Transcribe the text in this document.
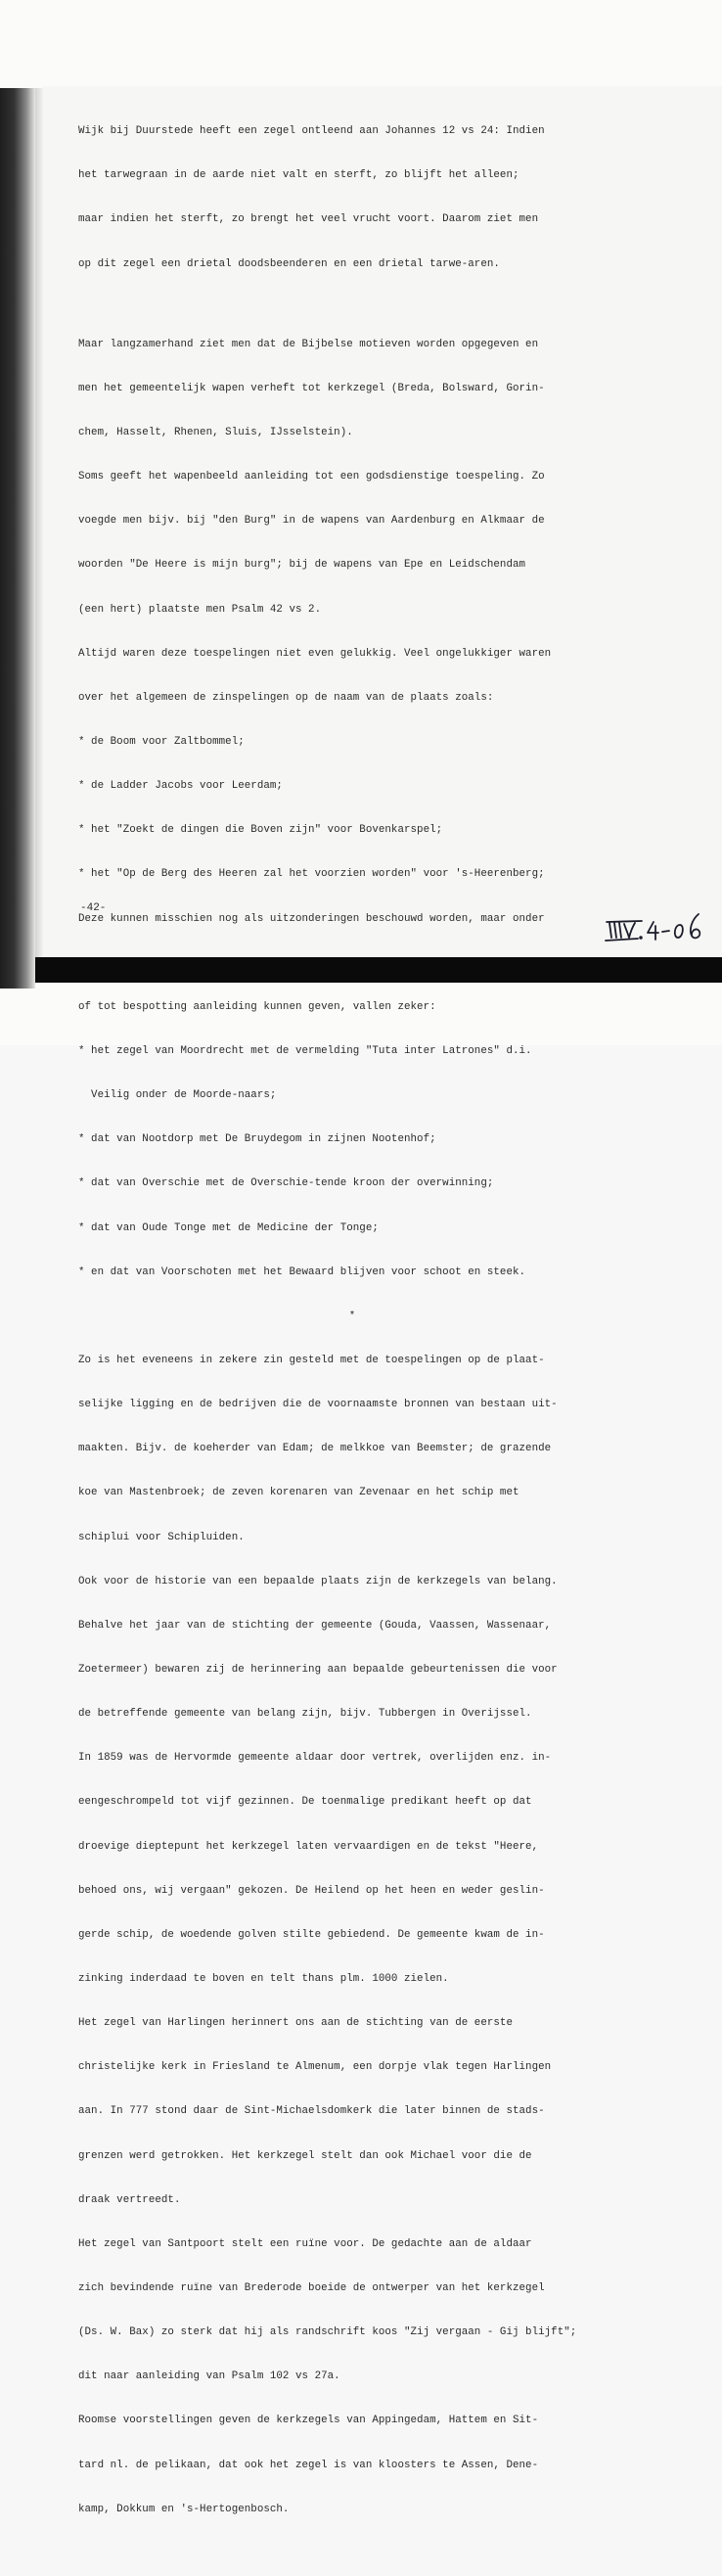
Wijk bij Duurstede heeft een zegel ontleend aan Johannes 12 vs 24: Indien

het tarwegraan in de aarde niet valt en sterft, zo blijft het alleen;

maar indien het sterft, zo brengt het veel vrucht voort. Daarom ziet men

op dit zegel een drietal doodsbeenderen en een drietal tarwe-aren.

Maar langzamerhand ziet men dat de Bijbelse motieven worden opgegeven en

men het gemeentelijk wapen verheft tot kerkzegel (Breda, Bolsward, Gorin-

chem, Hasselt, Rhenen, Sluis, IJsselstein).

Soms geeft het wapenbeeld aanleiding tot een godsdienstige toespeling. Zo

voegde men bijv. bij "den Burg" in de wapens van Aardenburg en Alkmaar de

woorden "De Heere is mijn burg"; bij de wapens van Epe en Leidschendam

(een hert) plaatste men Psalm 42 vs 2.

Altijd waren deze toespelingen niet even gelukkig. Veel ongelukkiger waren

over het algemeen de zinspelingen op de naam van de plaats zoals:

* de Boom voor Zaltbommel;

* de Ladder Jacobs voor Leerdam;

* het "Zoekt de dingen die Boven zijn" voor Bovenkarspel;

* het "Op de Berg des Heeren zal het voorzien worden" voor 's-Heerenberg;

Deze kunnen misschien nog als uitzonderingen beschouwd worden, maar onder

of tot bespotting aanleiding kunnen geven, vallen zeker:

* het zegel van Moordrecht met de vermelding "Tuta inter Latrones" d.i.

Veilig onder de Moorde-naars;

* dat van Nootdorp met De Bruydegom in zijnen Nootenhof;

* dat van Overschie met de Overschie-tende kroon der overwinning;

* dat van Oude Tonge met de Medicine der Tonge;

* en dat van Voorschoten met het Bewaard blijven voor schoot en steek.

*

Zo is het eveneens in zekere zin gesteld met de toespelingen op de plaat-

selijke ligging en de bedrijven die de voornaamste bronnen van bestaan uit-

maakten. Bijv. de koeherder van Edam; de melkkoe van Beemster; de grazende

koe van Mastenbroek; de zeven korenaren van Zevenaar en het schip met

schiplui voor Schipluiden.

Ook voor de historie van een bepaalde plaats zijn de kerkzegels van belang.

Behalve het jaar van de stichting der gemeente (Gouda, Vaassen, Wassenaar,

Zoetermeer) bewaren zij de herinnering aan bepaalde gebeurtenissen die voor

de betreffende gemeente van belang zijn, bijv. Tubbergen in Overijssel.

In 1859 was de Hervormde gemeente aldaar door vertrek, overlijden enz. in-

eengeschrompeld tot vijf gezinnen. De toenmalige predikant heeft op dat

droevige dieptepunt het kerkzegel laten vervaardigen en de tekst "Heere,

behoed ons, wij vergaan" gekozen. De Heilend op het heen en weder geslin-

gerde schip, de woedende golven stilte gebiedend. De gemeente kwam de in-

zinking inderdaad te boven en telt thans plm. 1000 zielen.

Het zegel van Harlingen herinnert ons aan de stichting van de eerste

christelijke kerk in Friesland te Almenum, een dorpje vlak tegen Harlingen

aan. In 777 stond daar de Sint-Michaelsdomkerk die later binnen de stads-

grenzen werd getrokken. Het kerkzegel stelt dan ook Michael voor die de

draak vertreedt.

Het zegel van Santpoort stelt een ruïne voor. De gedachte aan de aldaar

zich bevindende ruïne van Brederode boeide de ontwerper van het kerkzegel

(Ds. W. Bax) zo sterk dat hij als randschrift koos "Zij vergaan - Gij blijft";

dit naar aanleiding van Psalm 102 vs 27a.

Roomse voorstellingen geven de kerkzegels van Appingedam, Hattem en Sit-

tard nl. de pelikaan, dat ook het zegel is van kloosters te Assen, Dene-

kamp, Dokkum en 's-Hertogenbosch.

-42-
